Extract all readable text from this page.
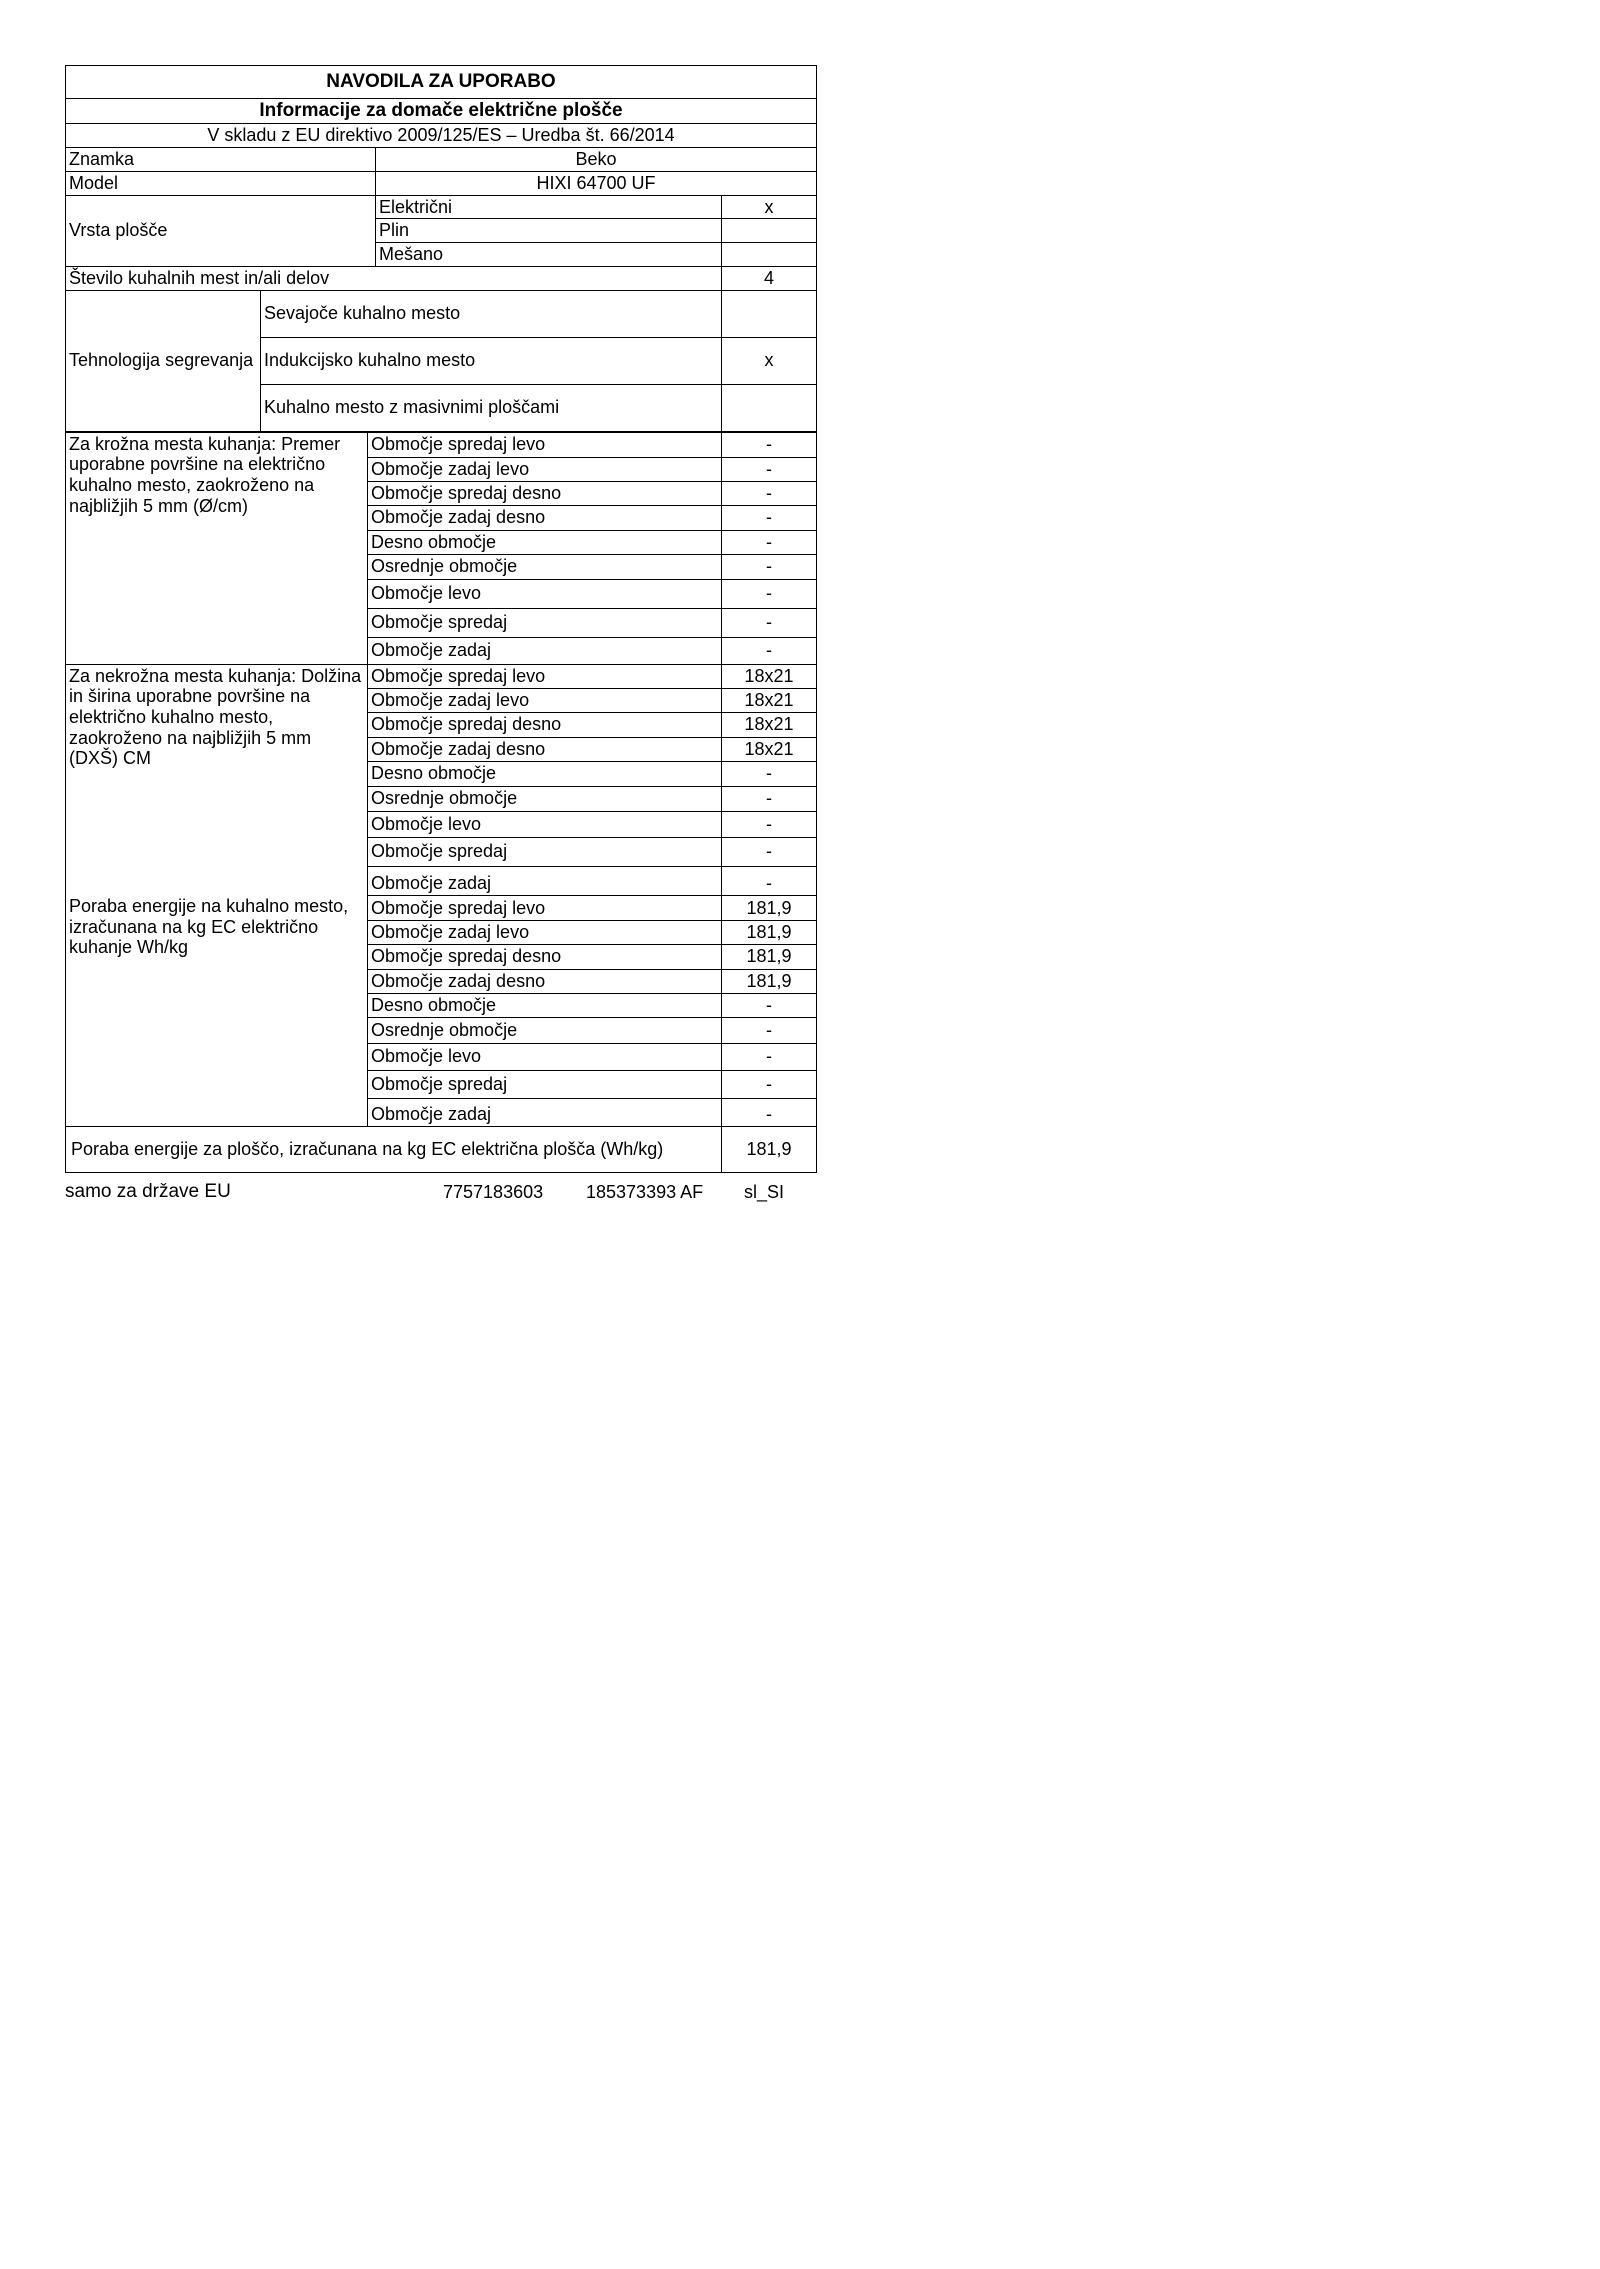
NAVODILA ZA UPORABO			
Informacije za domače električne plošče			
V skladu z EU direktivo 2009/125/ES – Uredba št. 66/2014			
Znamka		Beko	
Model		HIXI 64700 UF	
Vrsta plošče		Električni	x
		Plin	
		Mešano	
Število kuhalnih mest in/ali delov			4
Tehnologija segrevanja	Sevajoče kuhalno mesto		
	Indukcijsko kuhalno mesto		x
	Kuhalno mesto z masivnimi ploščami		
Za krožna mesta kuhanja: Premer uporabne površine na električno kuhalno mesto, zaokroženo na najbližjih 5 mm (Ø/cm)	Območje spredaj levo	-
	Območje zadaj levo	-
	Območje spredaj desno	-
	Območje zadaj desno	-
	Desno območje	-
	Osrednje območje	-
	Območje levo	-
	Območje spredaj	-
	Območje zadaj	-
Za nekrožna mesta kuhanja: Dolžina in širina uporabne površine na električno kuhalno mesto, zaokroženo na najbližjih 5 mm (DXŠ) CM	Območje spredaj levo	18x21
	Območje zadaj levo	18x21
	Območje spredaj desno	18x21
	Območje zadaj desno	18x21
	Desno območje	-
	Osrednje območje	-
	Območje levo	-
	Območje spredaj	-
	Območje zadaj	-
Poraba energije na kuhalno mesto, izračunana na kg EC električno kuhanje Wh/kg	Območje spredaj levo	181,9
	Območje zadaj levo	181,9
	Območje spredaj desno	181,9
	Območje zadaj desno	181,9
	Desno območje	-
	Osrednje območje	-
	Območje levo	-
	Območje spredaj	-
	Območje zadaj	-
Poraba energije za ploščo, izračunana na kg EC električna plošča (Wh/kg)		181,9
samo za države EU	7757183603 185373393 AF sl_SI
